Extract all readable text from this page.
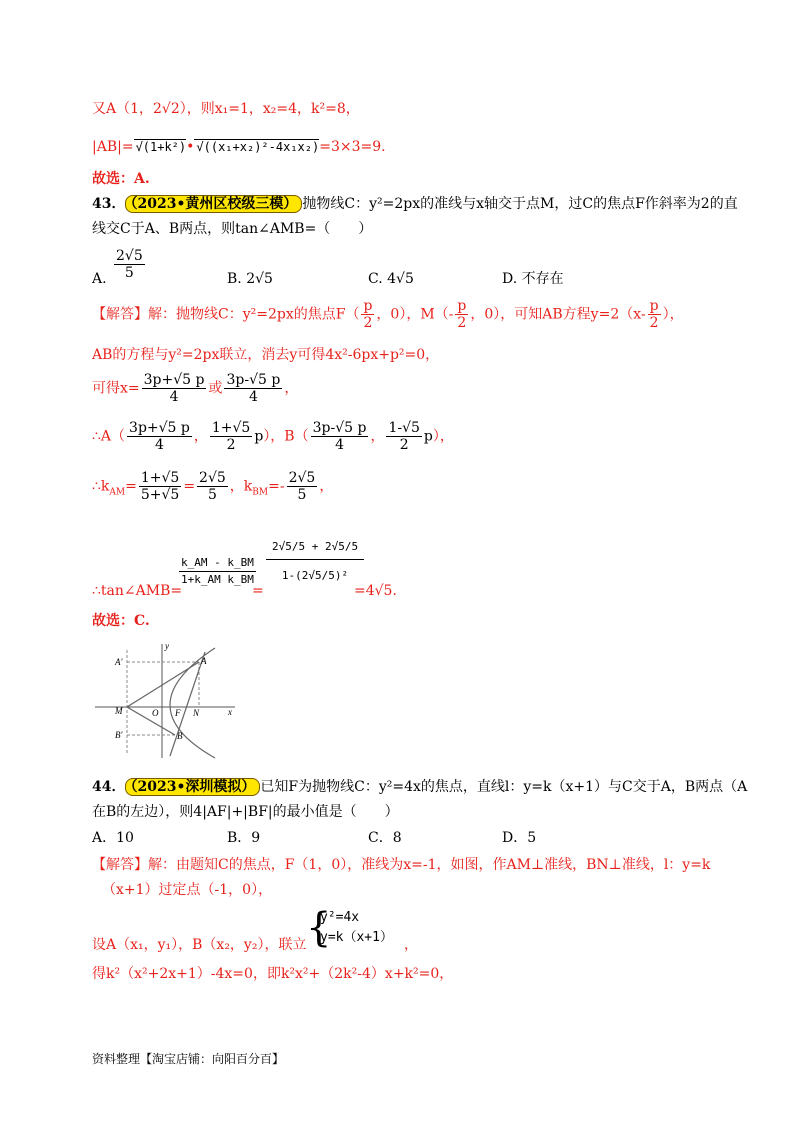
又A（1，2√2），则x₁=1，x₂=4，k²=8，
|AB|= √(1+k²)• √((x₁+x₂)²-4x₁x₂)=3×3=9.
故选：A.
43． （2023•黄州区校级三模） 抛物线C：y²=2px的准线与x轴交于点M，过C的焦点F作斜率为2的直
线交C于A、B两点，则tan∠AMB=（　　）
A. $\frac{2√5}{5}$	B. 2√5	C. 4√5	D. 不存在
【解答】解：抛物线C：y²=2px的焦点$F( \frac{p}{2}$ ，0），$M(- \frac{p}{2}$ ，0），可知AB方程$y=2(x- \frac{p}{2}$ ），
AB的方程与y²=2px联立，消去y可得4x²-6px+p²=0，
可得$x= \frac{3p+√5 p}{4}$ 或 $\frac{3p-√5 p}{4}$ ，
∴A（ $\frac{3p+√5 p}{4}$ ， $\frac{1+√5}{2} p$），$B( \frac{3p-√5 p}{4}$ ， $\frac{1-√5}{2} p$），
$\therefore k_{AM}= \frac{1+√5}{5+√5} = \frac{2√5}{5}$ ，$k_{BM}=- \frac{2√5}{5}$ ，
∴tan∠AMB=
$\frac{k\_AM - k\_BM}{\text{1+k\_AM k\_BM}}$
=
$\frac{2√5/5 + 2√5/5}{\text{1-(2√5/5)²}}$
=4√5.
故选：C.
y
A'	A
M	O F N	x
B'	B
44． （2023•深圳模拟） 已知F为抛物线C：y²=4x的焦点，直线l：y=k（x+1）与C交于A，B两点（A
在B的左边），则4|AF|+|BF|的最小值是（　　）
A．10	B．9	C．8	D．5
【解答】解：由题知C的焦点，F（1，0），准线为x=-1，如图，作AM⊥准线，BN⊥准线，l：y=k
（x+1）过定点（-1，0），
设A（x₁，y₁），B（x₂，y₂），联立 {
y²=4x
y=k（x+1） ，
得k²（x²+2x+1）-4x=0，即k²x²+（2k²-4）x+k²=0，
资料整理【淘宝店铺：向阳百分百】
